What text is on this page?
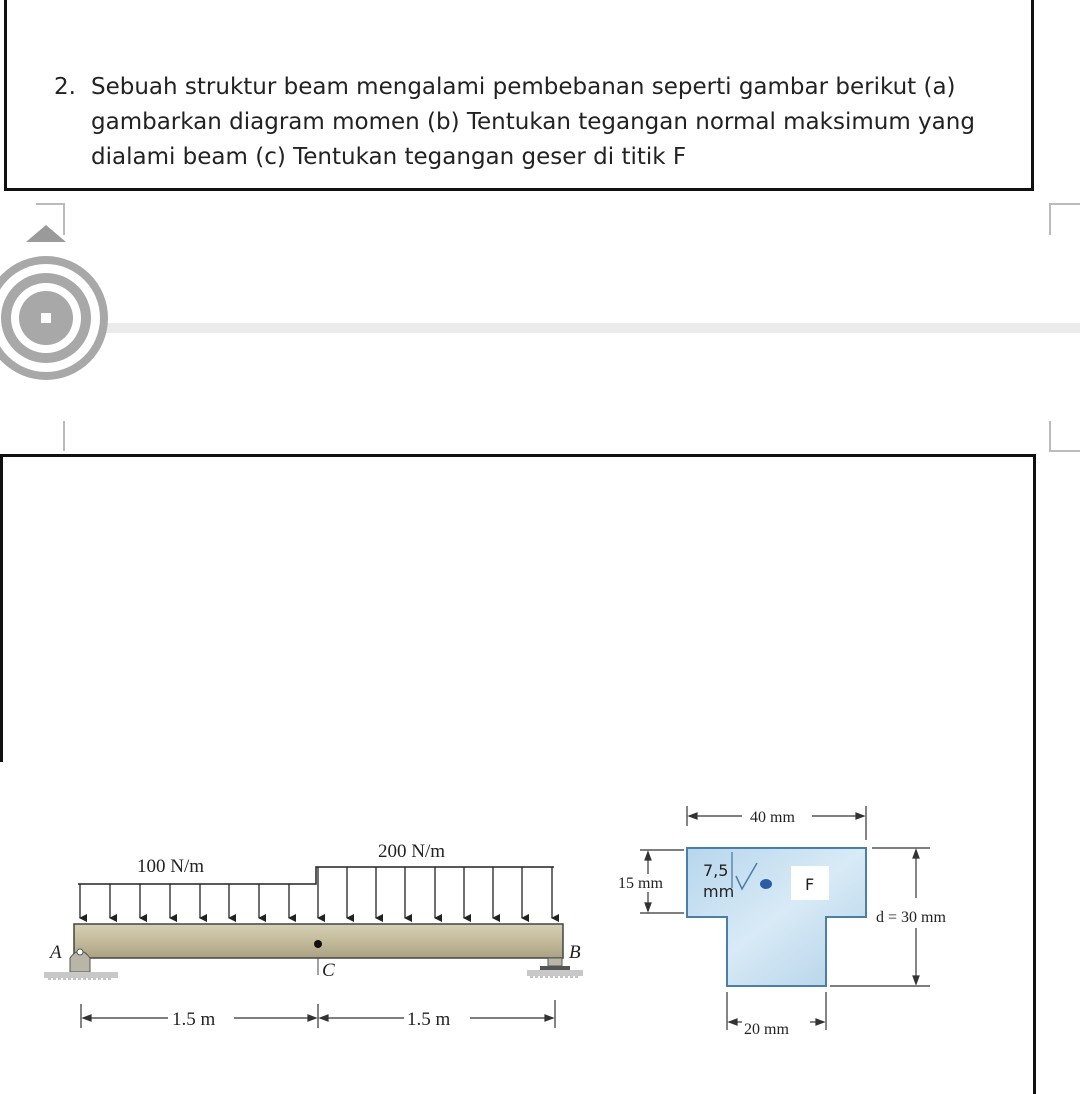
2. Sebuah struktur beam mengalami pembebanan seperti gambar berikut (a) gambarkan diagram momen (b) Tentukan tegangan normal maksimum yang dialami beam (c) Tentukan tegangan geser di titik F
100 N/m
200 N/m
C
A	B
1.5 m	1.5 m
40 mm
15 mm
d = 30 mm
20 mm
7,5
mm	F
